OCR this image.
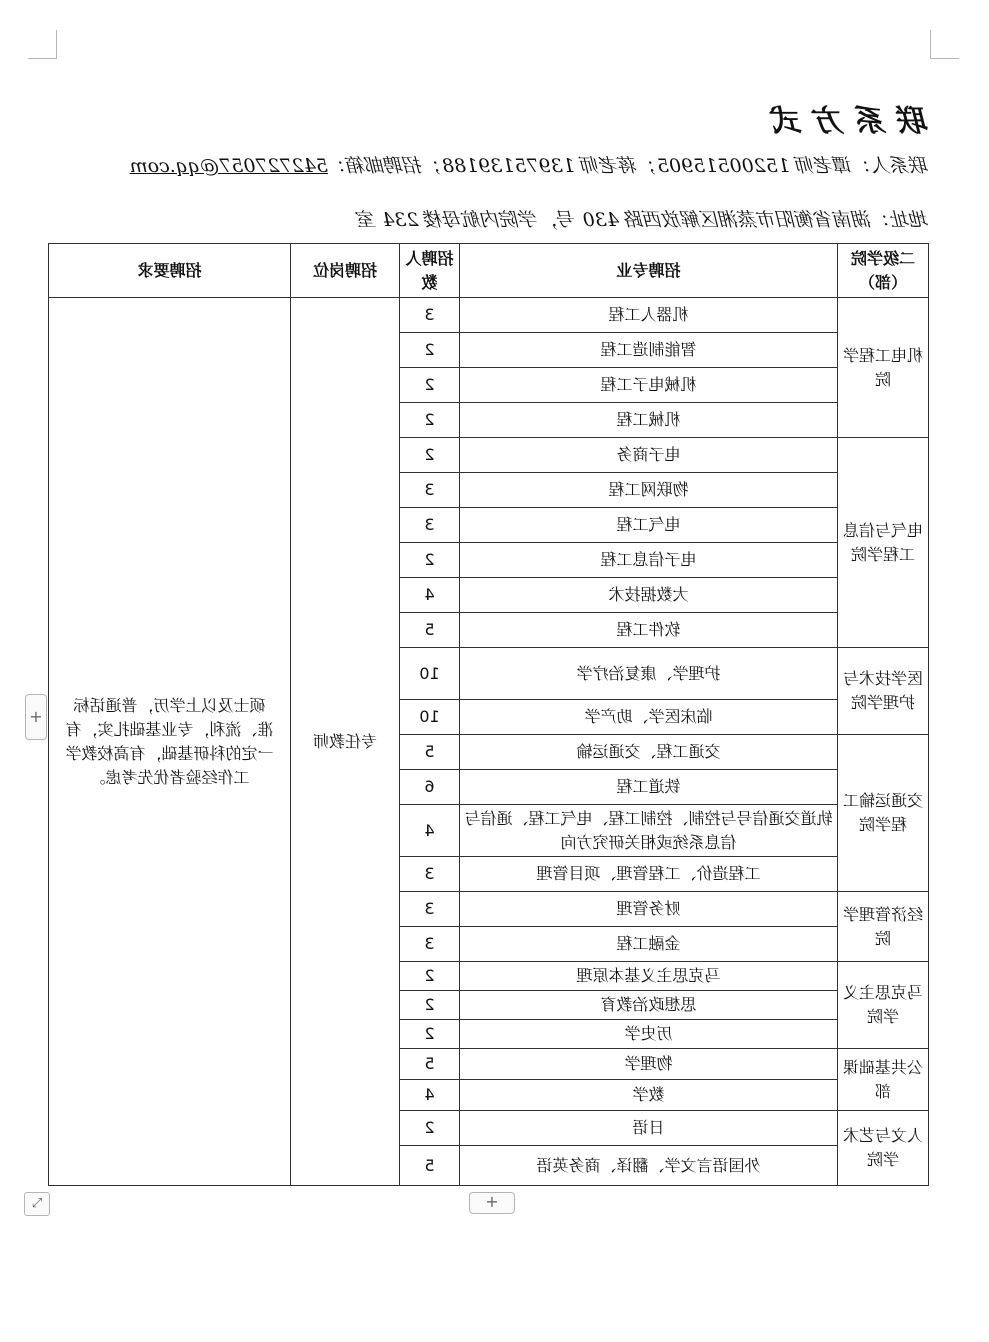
联系方式
联系人：谭老师 15200515905；蒋老师 13975139188；招聘邮箱：542727057@qq.com
地址：湖南省衡阳市蒸湘区解放西路 430 号，学院内航母楼 234 室
二级学院（部）	招聘专业	招聘人数	招聘岗位	招聘要求
机电工程学院	机器人工程	3	专任教师	硕士及以上学历，普通话标准、流利，专业基础扎实，有一定的科研基础，有高校教学工作经验者优先考虑。
	智能制造工程	2		
	机械电子工程	2		
	机械工程	2		
电气与信息工程学院	电子商务	2		
	物联网工程	3		
	电气工程	3		
	电子信息工程	2		
	大数据技术	4		
	软件工程	5		
医学技术与护理学院	护理学、康复治疗学	10		
	临床医学、助产学	10		
交通运输工程学院	交通工程、交通运输	5		
	铁道工程	6		
	轨道交通信号与控制、控制工程、电气工程、通信与信息系统或相关研究方向	4		
	工程造价、工程管理、项目管理	3		
经济管理学院	财务管理	3		
	金融工程	3		
马克思主义学院	马克思主义基本原理	2		
	思想政治教育	2		
	历史学	2		
公共基础课部	物理学	5		
	数学	4		
人文与艺术学院	日语	2		
	外国语言文学、翻译、商务英语	5		
+
+
⤢
